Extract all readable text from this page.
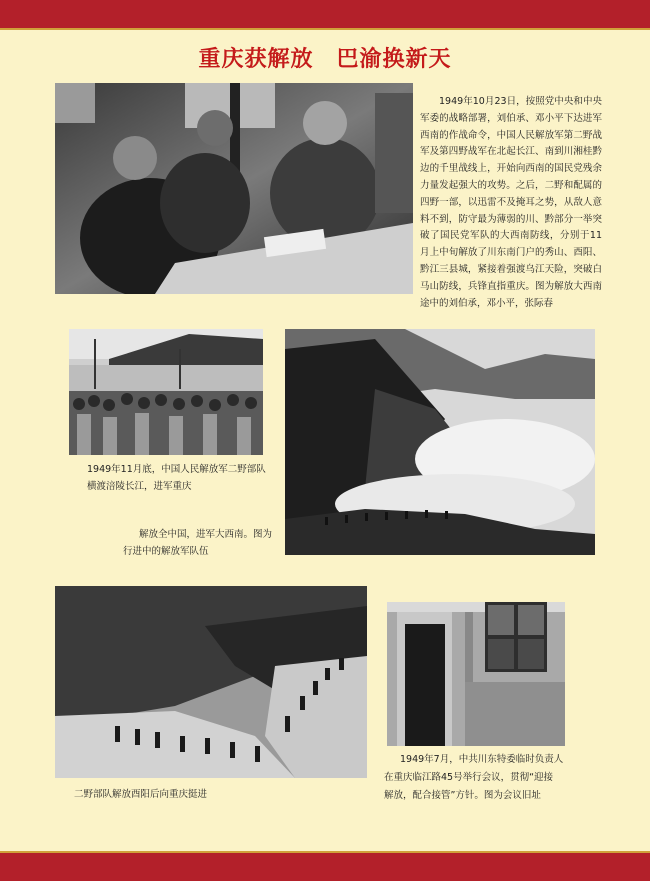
重庆获解放　巴渝换新天
1949年10月23日，按照党中央和中央军委的战略部署，刘伯承、邓小平下达进军西南的作战命令，中国人民解放军第二野战军及第四野战军在北起长江、南到川湘桂黔边的千里战线上，开始向西南的国民党残余力量发起强大的攻势。之后，二野和配属的四野一部，以迅雷不及掩耳之势，从敌人意料不到，防守最为薄弱的川、黔部分一举突破了国民党军队的大西南防线，分别于11月上中旬解放了川东南门户的秀山、酉阳、黔江三县城，紧接着强渡乌江天险，突破白马山防线，兵锋直指重庆。图为解放大西南途中的刘伯承，邓小平，张际春
1949年11月底，中国人民解放军二野部队
横渡涪陵长江，进军重庆
解放全中国，进军大西南。图为
行进中的解放军队伍
二野部队解放酉阳后向重庆挺进
1949年7月，中共川东特委临时负责人
在重庆临江路45号举行会议，贯彻“迎接
解放，配合接管”方针。图为会议旧址
